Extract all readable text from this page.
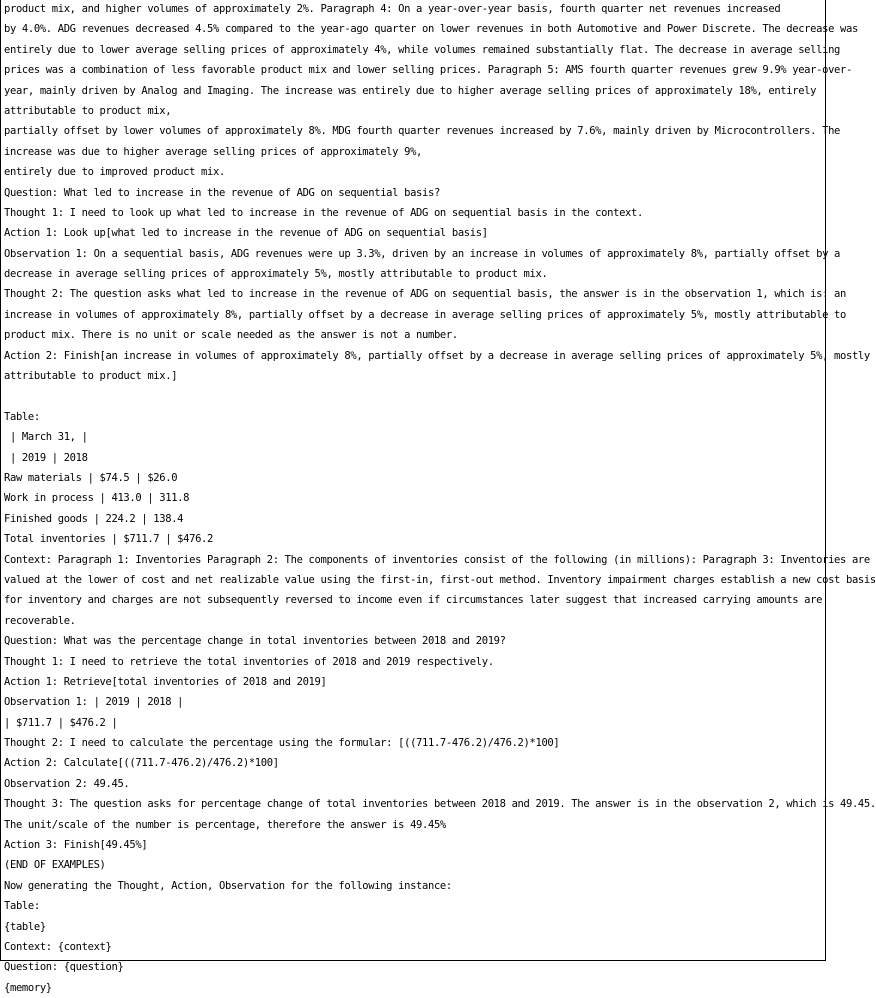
product mix, and higher volumes of approximately 2%. Paragraph 4: On a year-over-year basis, fourth quarter net revenues increased
by 4.0%. ADG revenues decreased 4.5% compared to the year-ago quarter on lower revenues in both Automotive and Power Discrete. The decrease was
entirely due to lower average selling prices of approximately 4%, while volumes remained substantially flat. The decrease in average selling
prices was a combination of less favorable product mix and lower selling prices. Paragraph 5: AMS fourth quarter revenues grew 9.9% year-over-
year, mainly driven by Analog and Imaging. The increase was entirely due to higher average selling prices of approximately 18%, entirely
attributable to product mix,
partially offset by lower volumes of approximately 8%. MDG fourth quarter revenues increased by 7.6%, mainly driven by Microcontrollers. The
increase was due to higher average selling prices of approximately 9%,
entirely due to improved product mix.
Question: What led to increase in the revenue of ADG on sequential basis?
Thought 1: I need to look up what led to increase in the revenue of ADG on sequential basis in the context.
Action 1: Look up[what led to increase in the revenue of ADG on sequential basis]
Observation 1: On a sequential basis, ADG revenues were up 3.3%, driven by an increase in volumes of approximately 8%, partially offset by a
decrease in average selling prices of approximately 5%, mostly attributable to product mix.
Thought 2: The question asks what led to increase in the revenue of ADG on sequential basis, the answer is in the observation 1, which is: an
increase in volumes of approximately 8%, partially offset by a decrease in average selling prices of approximately 5%, mostly attributable to
product mix. There is no unit or scale needed as the answer is not a number.
Action 2: Finish[an increase in volumes of approximately 8%, partially offset by a decrease in average selling prices of approximately 5%, mostly
attributable to product mix.]
Table:
| March 31, |
| 2019 | 2018
Raw materials | $74.5 | $26.0
Work in process | 413.0 | 311.8
Finished goods | 224.2 | 138.4
Total inventories | $711.7 | $476.2
Context: Paragraph 1: Inventories Paragraph 2: The components of inventories consist of the following (in millions): Paragraph 3: Inventories are
valued at the lower of cost and net realizable value using the first-in, first-out method. Inventory impairment charges establish a new cost basis
for inventory and charges are not subsequently reversed to income even if circumstances later suggest that increased carrying amounts are
recoverable.
Question: What was the percentage change in total inventories between 2018 and 2019?
Thought 1: I need to retrieve the total inventories of 2018 and 2019 respectively.
Action 1: Retrieve[total inventories of 2018 and 2019]
Observation 1: | 2019 | 2018 |
| $711.7 | $476.2 |
Thought 2: I need to calculate the percentage using the formular: [((711.7-476.2)/476.2)*100]
Action 2: Calculate[((711.7-476.2)/476.2)*100]
Observation 2: 49.45.
Thought 3: The question asks for percentage change of total inventories between 2018 and 2019. The answer is in the observation 2, which is 49.45.
The unit/scale of the number is percentage, therefore the answer is 49.45%
Action 3: Finish[49.45%]
(END OF EXAMPLES)
Now generating the Thought, Action, Observation for the following instance:
Table:
{table}
Context: {context}
Question: {question}
{memory}
